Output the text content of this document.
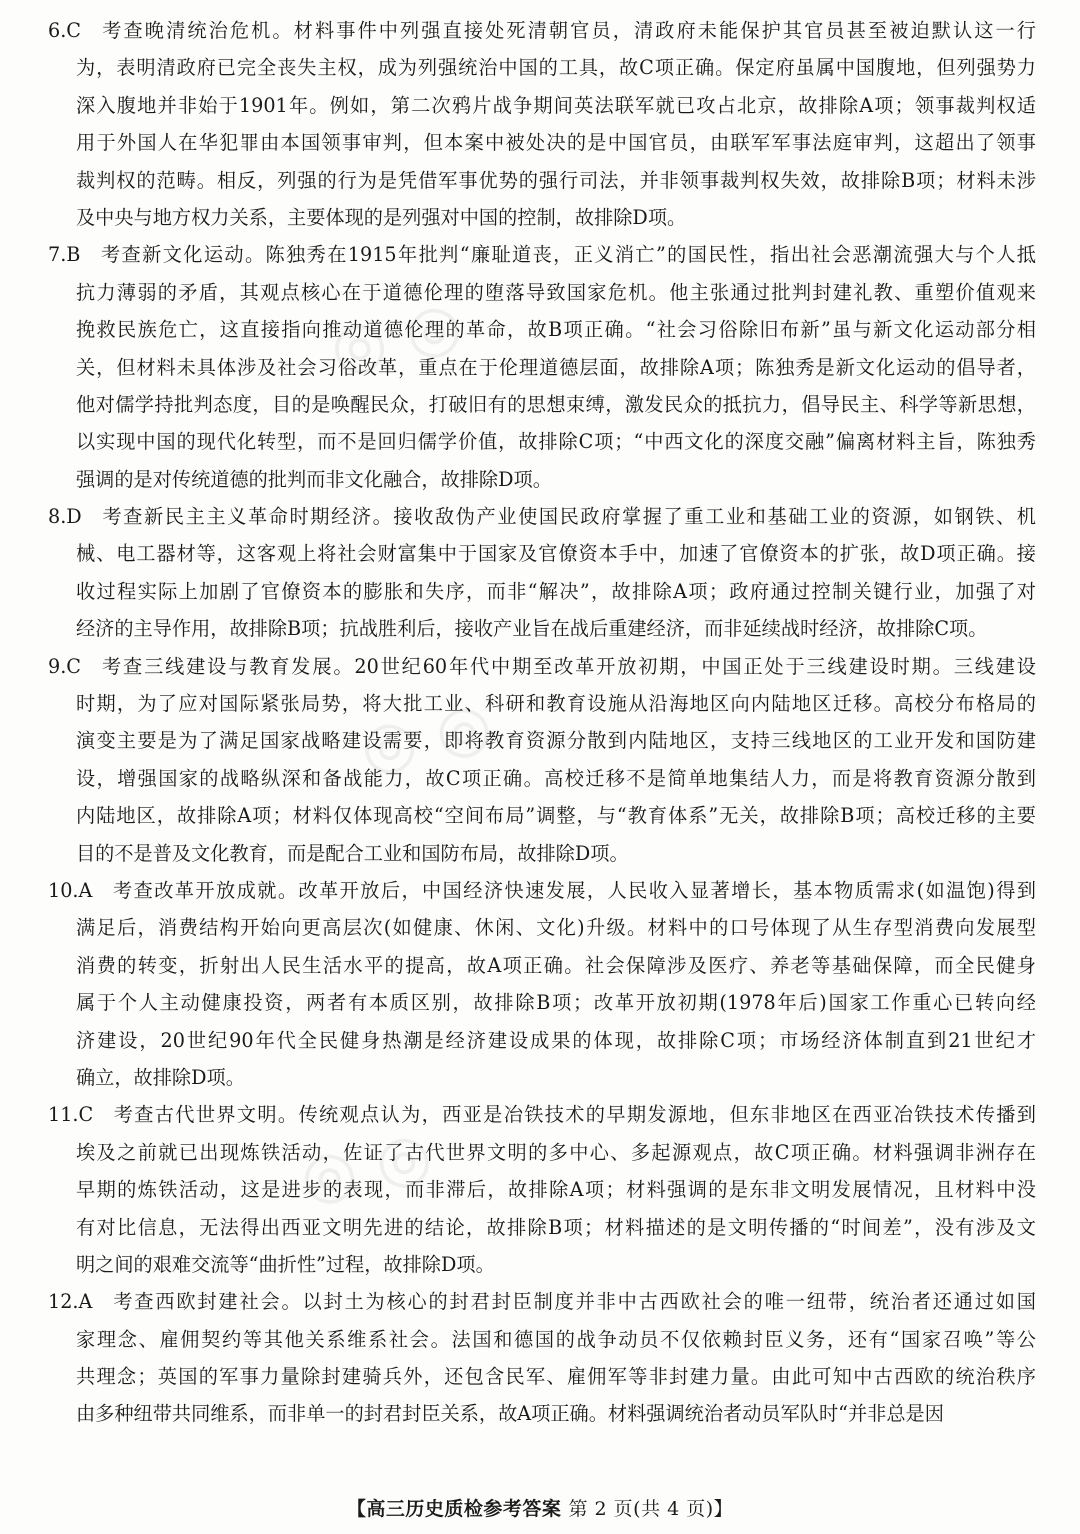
◎ ◎
◎ ◎
◎ ◎
6.C  考查晚清统治危机。材料事件中列强直接处死清朝官员，清政府未能保护其官员甚至被迫默认这一行
为，表明清政府已完全丧失主权，成为列强统治中国的工具，故C项正确。保定府虽属中国腹地，但列强势力
深入腹地并非始于1901年。例如，第二次鸦片战争期间英法联军就已攻占北京，故排除A项；领事裁判权适
用于外国人在华犯罪由本国领事审判，但本案中被处决的是中国官员，由联军军事法庭审判，这超出了领事
裁判权的范畴。相反，列强的行为是凭借军事优势的强行司法，并非领事裁判权失效，故排除B项；材料未涉
及中央与地方权力关系，主要体现的是列强对中国的控制，故排除D项。
7.B  考查新文化运动。陈独秀在1915年批判“廉耻道丧，正义消亡”的国民性，指出社会恶潮流强大与个人抵
抗力薄弱的矛盾，其观点核心在于道德伦理的堕落导致国家危机。他主张通过批判封建礼教、重塑价值观来
挽救民族危亡，这直接指向推动道德伦理的革命，故B项正确。“社会习俗除旧布新”虽与新文化运动部分相
关，但材料未具体涉及社会习俗改革，重点在于伦理道德层面，故排除A项；陈独秀是新文化运动的倡导者，
他对儒学持批判态度，目的是唤醒民众，打破旧有的思想束缚，激发民众的抵抗力，倡导民主、科学等新思想，
以实现中国的现代化转型，而不是回归儒学价值，故排除C项；“中西文化的深度交融”偏离材料主旨，陈独秀
强调的是对传统道德的批判而非文化融合，故排除D项。
8.D  考查新民主主义革命时期经济。接收敌伪产业使国民政府掌握了重工业和基础工业的资源，如钢铁、机
械、电工器材等，这客观上将社会财富集中于国家及官僚资本手中，加速了官僚资本的扩张，故D项正确。接
收过程实际上加剧了官僚资本的膨胀和失序，而非“解决”，故排除A项；政府通过控制关键行业，加强了对
经济的主导作用，故排除B项；抗战胜利后，接收产业旨在战后重建经济，而非延续战时经济，故排除C项。
9.C  考查三线建设与教育发展。20世纪60年代中期至改革开放初期，中国正处于三线建设时期。三线建设
时期，为了应对国际紧张局势，将大批工业、科研和教育设施从沿海地区向内陆地区迁移。高校分布格局的
演变主要是为了满足国家战略建设需要，即将教育资源分散到内陆地区，支持三线地区的工业开发和国防建
设，增强国家的战略纵深和备战能力，故C项正确。高校迁移不是简单地集结人力，而是将教育资源分散到
内陆地区，故排除A项；材料仅体现高校“空间布局”调整，与“教育体系”无关，故排除B项；高校迁移的主要
目的不是普及文化教育，而是配合工业和国防布局，故排除D项。
10.A  考查改革开放成就。改革开放后，中国经济快速发展，人民收入显著增长，基本物质需求(如温饱)得到
满足后，消费结构开始向更高层次(如健康、休闲、文化)升级。材料中的口号体现了从生存型消费向发展型
消费的转变，折射出人民生活水平的提高，故A项正确。社会保障涉及医疗、养老等基础保障，而全民健身
属于个人主动健康投资，两者有本质区别，故排除B项；改革开放初期(1978年后)国家工作重心已转向经
济建设，20世纪90年代全民健身热潮是经济建设成果的体现，故排除C项；市场经济体制直到21世纪才
确立，故排除D项。
11.C  考查古代世界文明。传统观点认为，西亚是冶铁技术的早期发源地，但东非地区在西亚冶铁技术传播到
埃及之前就已出现炼铁活动，佐证了古代世界文明的多中心、多起源观点，故C项正确。材料强调非洲存在
早期的炼铁活动，这是进步的表现，而非滞后，故排除A项；材料强调的是东非文明发展情况，且材料中没
有对比信息，无法得出西亚文明先进的结论，故排除B项；材料描述的是文明传播的“时间差”，没有涉及文
明之间的艰难交流等“曲折性”过程，故排除D项。
12.A  考查西欧封建社会。以封土为核心的封君封臣制度并非中古西欧社会的唯一纽带，统治者还通过如国
家理念、雇佣契约等其他关系维系社会。法国和德国的战争动员不仅依赖封臣义务，还有“国家召唤”等公
共理念；英国的军事力量除封建骑兵外，还包含民军、雇佣军等非封建力量。由此可知中古西欧的统治秩序
由多种纽带共同维系，而非单一的封君封臣关系，故A项正确。材料强调统治者动员军队时“并非总是因
【高三历史质检参考答案 第 2 页(共 4 页)】
